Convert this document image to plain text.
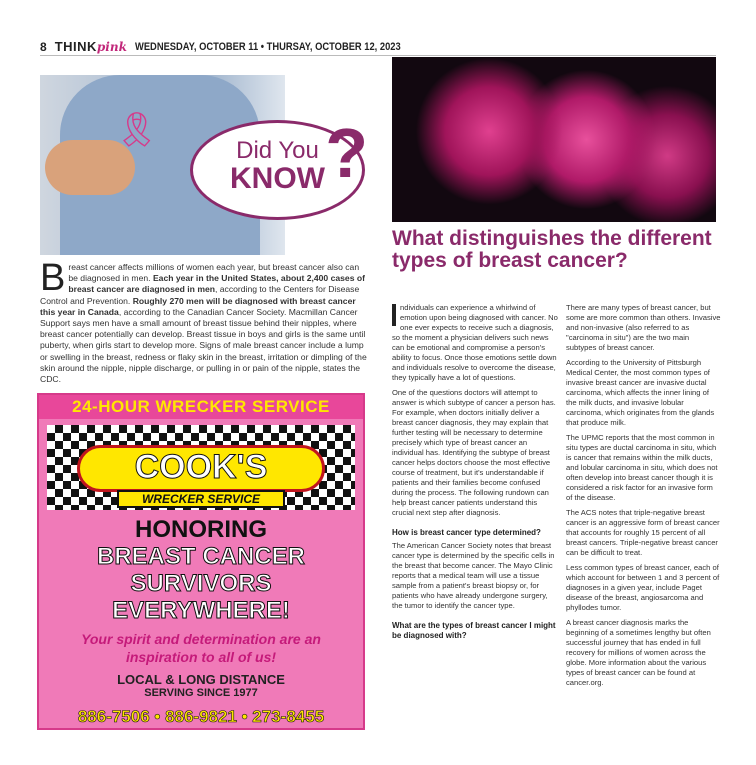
8 THINKpink WEDNESDAY, OCTOBER 11 • THURSAY, OCTOBER 12, 2023
🎗
Did You
KNOW ?
Breast cancer affects millions of women each year, but breast cancer also can be diagnosed in men. Each year in the United States, about 2,400 cases of breast cancer are diagnosed in men, according to the Centers for Disease Control and Prevention. Roughly 270 men will be diagnosed with breast cancer this year in Canada, according to the Canadian Cancer Society. Macmillan Cancer Support says men have a small amount of breast tissue behind their nipples, where breast cancer potentially can develop. Breast tissue in boys and girls is the same until puberty, when girls start to develop more. Signs of male breast cancer include a lump or swelling in the breast, redness or flaky skin in the breast, irritation or dimpling of the skin around the nipple, nipple discharge, or pulling in or pain of the nipple, states the CDC.
24-HOUR WRECKER SERVICE
COOK'S
WRECKER SERVICE
HONORING
BREAST CANCER SURVIVORS
EVERYWHERE!
Your spirit and determination are an inspiration to all of us!
LOCAL & LONG DISTANCE
SERVING SINCE 1977
886-7506 • 886-9821 • 273-8455
What distinguishes the different types of breast cancer?

ndividuals can experience a whirlwind of emotion upon being diagnosed with cancer. No one ever expects to receive such a diagnosis, so the moment a physician delivers such news can be emotional and compromise a person's ability to focus. Once those emotions settle down and individuals resolve to overcome the disease, they typically have a lot of questions.

One of the questions doctors will attempt to answer is which subtype of cancer a person has. For example, when doctors initially deliver a breast cancer diagnosis, they may explain that further testing will be necessary to determine precisely which type of breast cancer an individual has. Identifying the subtype of breast cancer helps doctors choose the most effective course of treatment, but it's understandable if patients and their families become confused during the process. The following rundown can help breast cancer patients understand this crucial next step after diagnosis.

How is breast cancer type determined?

The American Cancer Society notes that breast cancer type is determined by the specific cells in the breast that become cancer. The Mayo Clinic reports that a medical team will use a tissue sample from a patient's breast biopsy or, for patients who have already undergone surgery, the tumor to identify the cancer type.

What are the types of breast cancer I might be diagnosed with?

There are many types of breast cancer, but some are more common than others. Invasive and non-invasive (also referred to as "carcinoma in situ") are the two main subtypes of breast cancer.

According to the University of Pittsburgh Medical Center, the most common types of invasive breast cancer are invasive ductal carcinoma, which affects the inner lining of the milk ducts, and invasive lobular carcinoma, which originates from the glands that produce milk.

The UPMC reports that the most common in situ types are ductal carcinoma in situ, which is cancer that remains within the milk ducts, and lobular carcinoma in situ, which does not often develop into breast cancer though it is considered a risk factor for an invasive form of the disease.

The ACS notes that triple-negative breast cancer is an aggressive form of breast cancer that accounts for roughly 15 percent of all breast cancers. Triple-negative breast cancer can be difficult to treat.

Less common types of breast cancer, each of which account for between 1 and 3 percent of diagnoses in a given year, include Paget disease of the breast, angiosarcoma and phyllodes tumor.

A breast cancer diagnosis marks the beginning of a sometimes lengthy but often successful journey that has ended in full recovery for millions of women across the globe. More information about the various types of breast cancer can be found at cancer.org.
